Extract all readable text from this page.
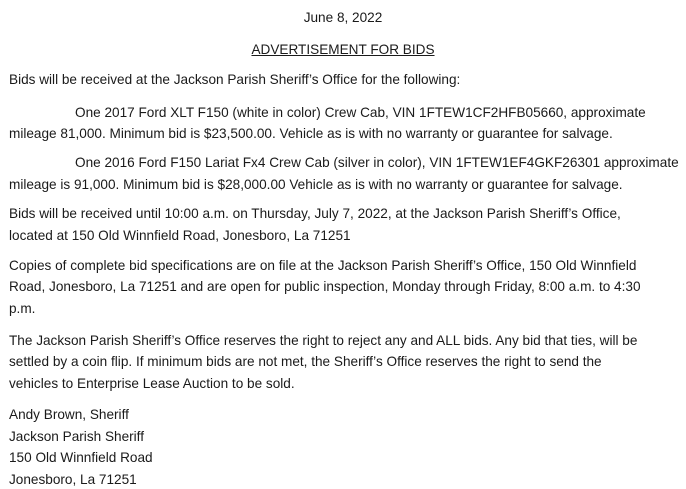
June 8, 2022
ADVERTISEMENT FOR BIDS
Bids will be received at the Jackson Parish Sheriff’s Office for the following:
One 2017 Ford XLT F150 (white in color) Crew Cab, VIN 1FTEW1CF2HFB05660, approximate
mileage 81,000. Minimum bid is $23,500.00. Vehicle as is with no warranty or guarantee for salvage.
One 2016 Ford F150 Lariat Fx4 Crew Cab (silver in color), VIN 1FTEW1EF4GKF26301 approximate
mileage is 91,000. Minimum bid is $28,000.00 Vehicle as is with no warranty or guarantee for salvage.
Bids will be received until 10:00 a.m. on Thursday, July 7, 2022, at the Jackson Parish Sheriff’s Office,
located at 150 Old Winnfield Road, Jonesboro, La 71251
Copies of complete bid specifications are on file at the Jackson Parish Sheriff’s Office, 150 Old Winnfield
Road, Jonesboro, La 71251 and are open for public inspection, Monday through Friday, 8:00 a.m. to 4:30
p.m.
The Jackson Parish Sheriff’s Office reserves the right to reject any and ALL bids. Any bid that ties, will be
settled by a coin flip. If minimum bids are not met, the Sheriff’s Office reserves the right to send the
vehicles to Enterprise Lease Auction to be sold.
Andy Brown, Sheriff
Jackson Parish Sheriff
150 Old Winnfield Road
Jonesboro, La 71251
